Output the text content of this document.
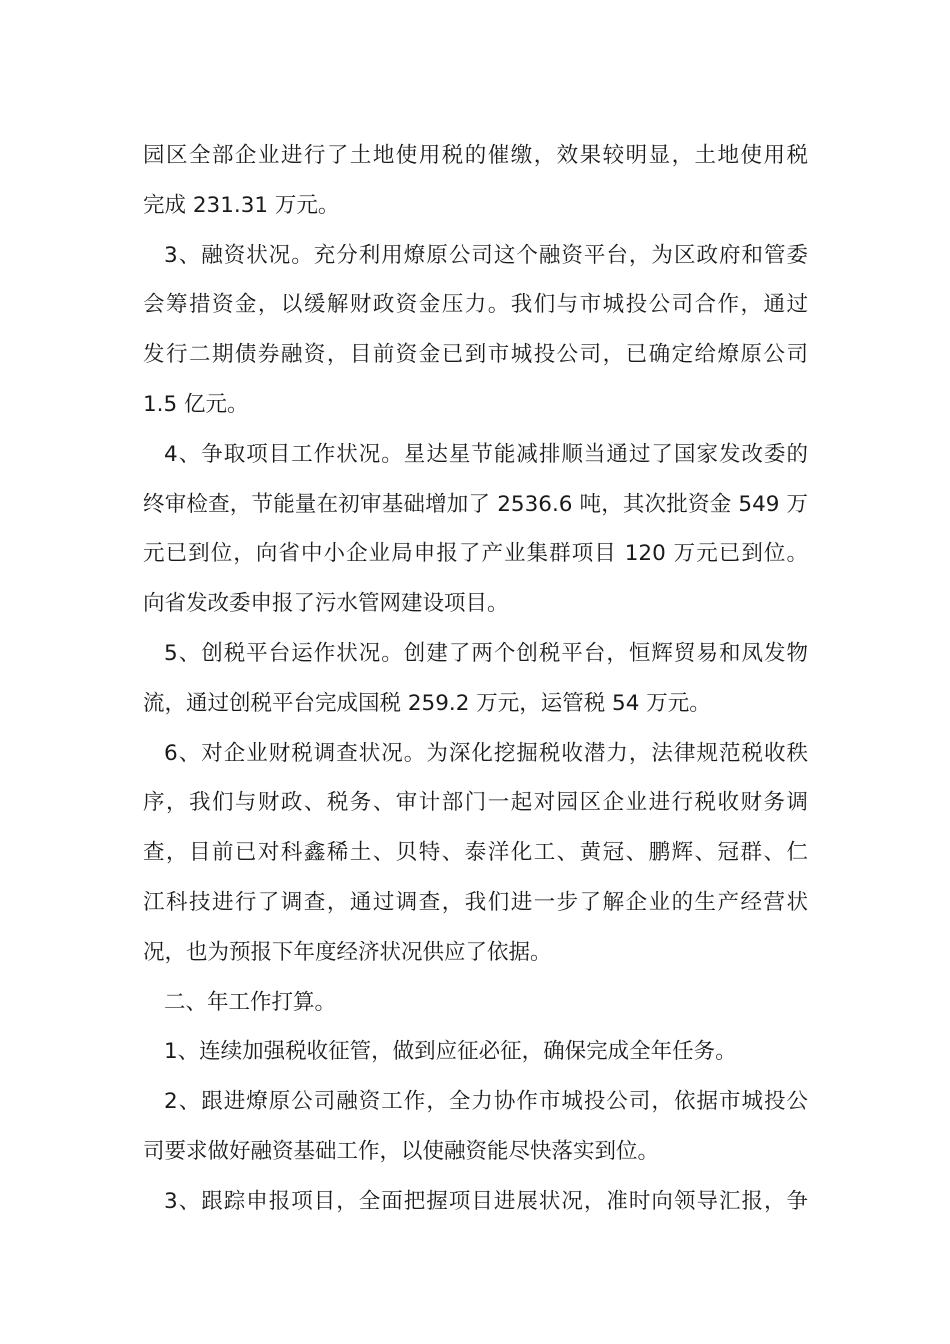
园区全部企业进行了土地使用税的催缴，效果较明显，土地使用税
完成 231.31 万元。
3、融资状况。充分利用燎原公司这个融资平台，为区政府和管委
会筹措资金，以缓解财政资金压力。我们与市城投公司合作，通过
发行二期债券融资，目前资金已到市城投公司，已确定给燎原公司
1.5 亿元。
4、争取项目工作状况。星达星节能减排顺当通过了国家发改委的
终审检查，节能量在初审基础增加了 2536.6 吨，其次批资金 549 万
元已到位，向省中小企业局申报了产业集群项目 120 万元已到位。
向省发改委申报了污水管网建设项目。
5、创税平台运作状况。创建了两个创税平台，恒辉贸易和凤发物
流，通过创税平台完成国税 259.2 万元，运管税 54 万元。
6、对企业财税调查状况。为深化挖掘税收潜力，法律规范税收秩
序，我们与财政、税务、审计部门一起对园区企业进行税收财务调
查，目前已对科鑫稀土、贝特、泰洋化工、黄冠、鹏辉、冠群、仁
江科技进行了调查，通过调查，我们进一步了解企业的生产经营状
况，也为预报下年度经济状况供应了依据。
二、年工作打算。
1、连续加强税收征管，做到应征必征，确保完成全年任务。
2、跟进燎原公司融资工作，全力协作市城投公司，依据市城投公
司要求做好融资基础工作，以使融资能尽快落实到位。
3、跟踪申报项目，全面把握项目进展状况，准时向领导汇报，争
